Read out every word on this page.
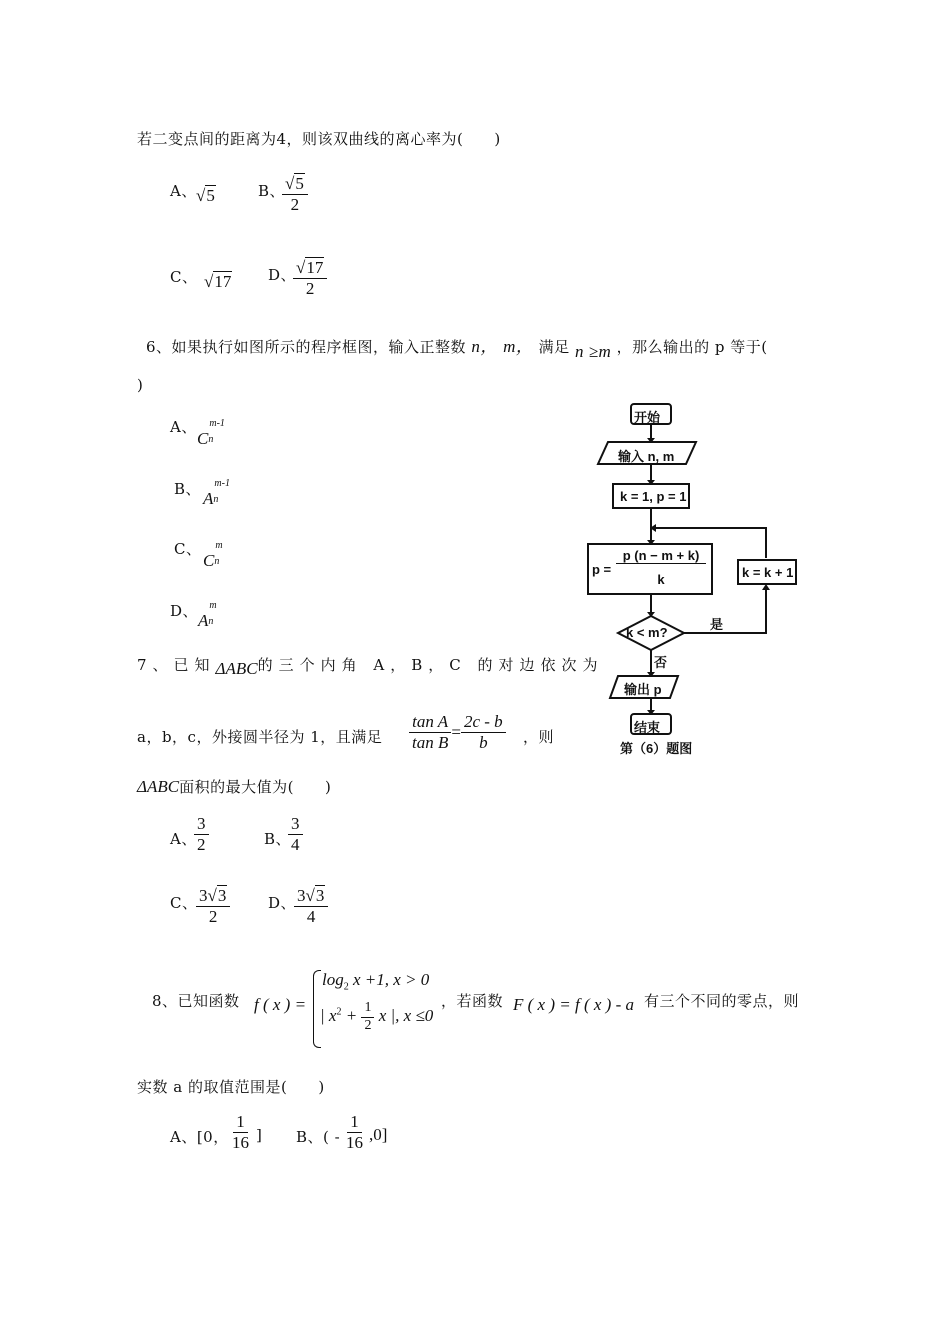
若二变点间的距离为4，则该双曲线的离心率为(　　)
A、 √5	B、
$\frac{√5}{2}$
C、 √17 D、
$\frac{√17}{2}$
6、如果执行如图所示的程序框图，输入正整数 n， m， 满足 n ≥m ，那么输出的 p 等于(
)
A、
C
m-1
n
B、 A
m-1
n
C、
C
m
n
D、 A
m
n
开始
输入 n, m
k = 1, p = 1
p =
p (n − m + k)
k	k = k + 1
k < m?
是
否
输出 p
结束
第（6）题图
7、已知ΔABC的三个内角 A，B，C 的对边依次为
a，b，c，外接圆半径为 1，且满足 $\frac{\text{tan A}}{\text{tan B}} = \frac{2c - b}{b}$ ，则
ΔABC面积的最大值为(　　)
A、
$\frac{3}{2}$	B、
$\frac{3}{4}$
C、
$\frac{3√3}{2}$	D、
$\frac{3√3}{4}$
8、已知函数 f ( x ) =
$\log_2 x +1$, x > 0
| $x^2 + \frac{1}{2}$ x |, x ≤0
，若函数 F ( x ) = f ( x ) - a 有三个不同的零点，则
实数 a 的取值范围是(　　)
A、[0， $\frac{1}{16}$ ] B、( - $\frac{1}{16} ,0$]
